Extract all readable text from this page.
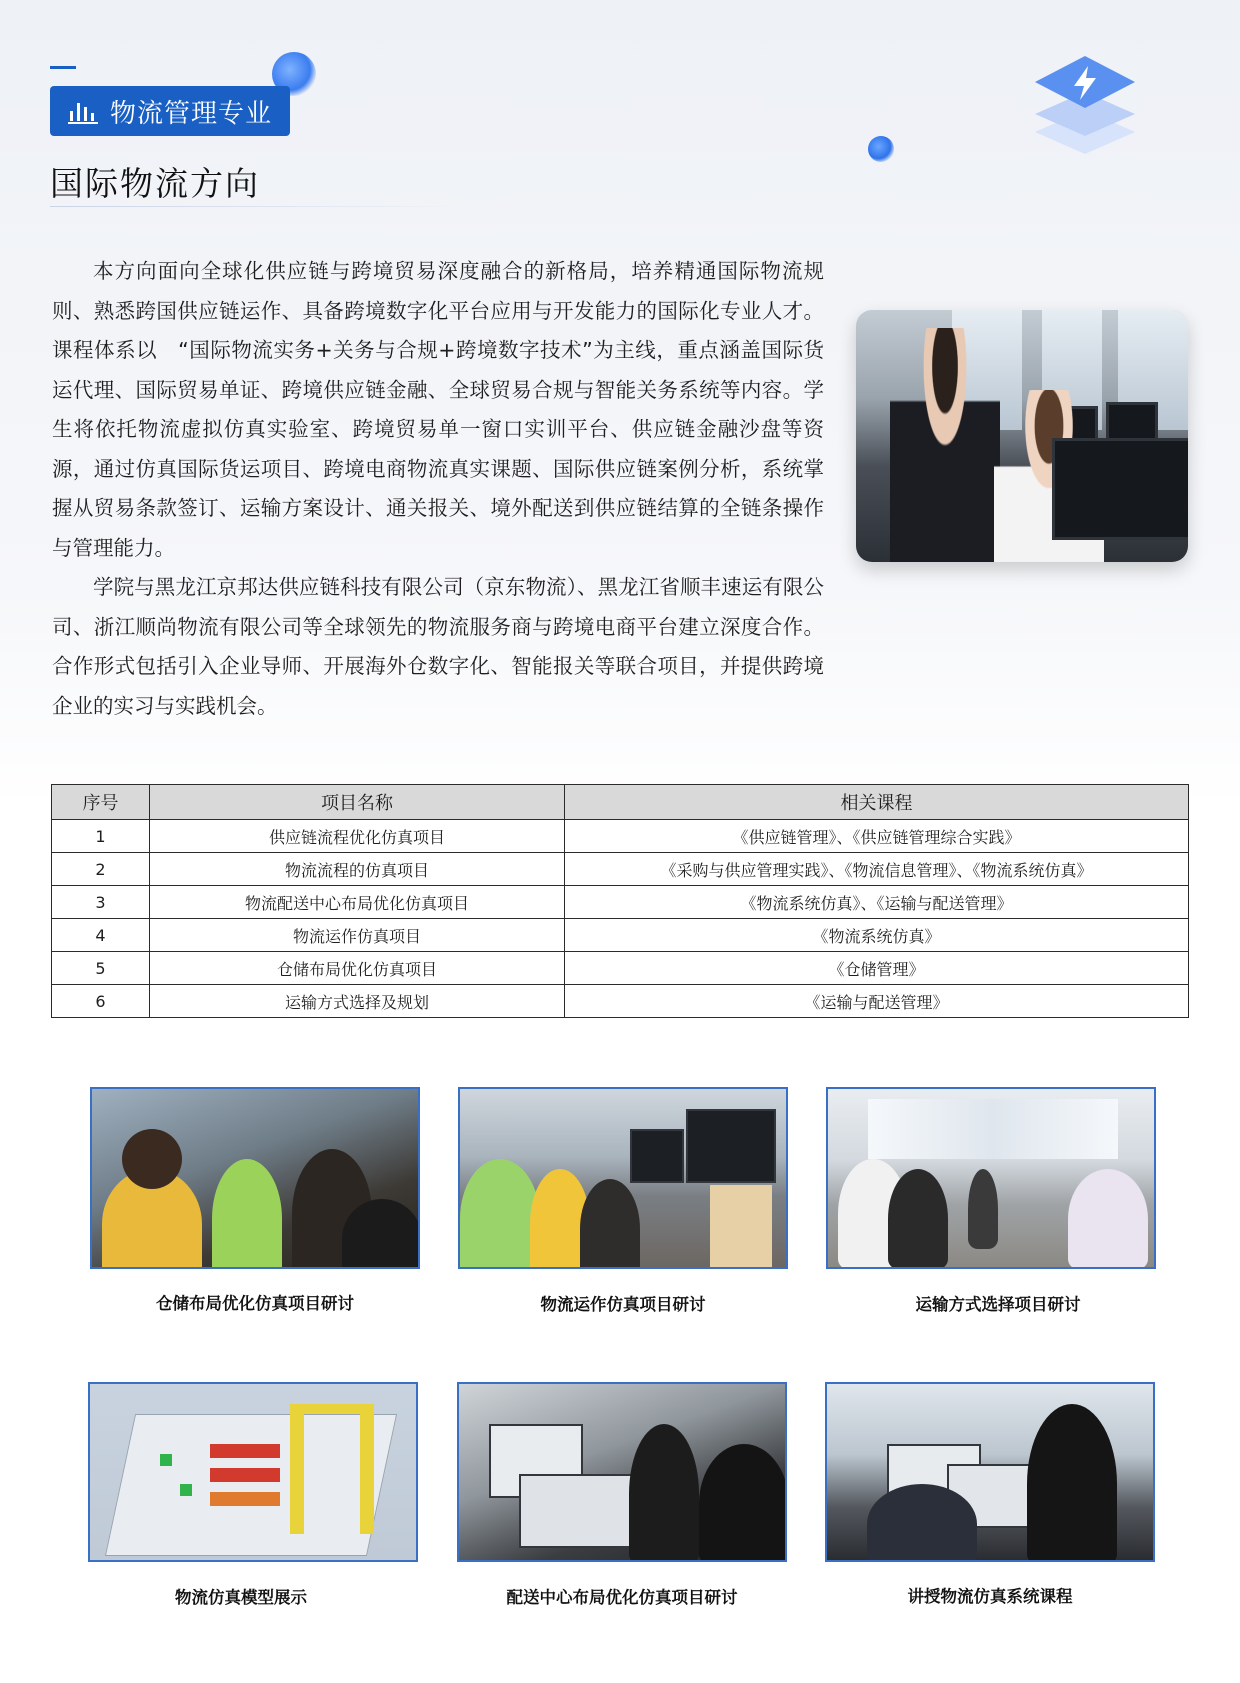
物流管理专业
国际物流方向

本方向面向全球化供应链与跨境贸易深度融合的新格局，培养精通国际物流规则、熟悉跨国供应链运作、具备跨境数字化平台应用与开发能力的国际化专业人才。课程体系以　“国际物流实务+关务与合规+跨境数字技术”为主线，重点涵盖国际货运代理、国际贸易单证、跨境供应链金融、全球贸易合规与智能关务系统等内容。学生将依托物流虚拟仿真实验室、跨境贸易单一窗口实训平台、供应链金融沙盘等资源，通过仿真国际货运项目、跨境电商物流真实课题、国际供应链案例分析，系统掌握从贸易条款签订、运输方案设计、通关报关、境外配送到供应链结算的全链条操作与管理能力。

学院与黑龙江京邦达供应链科技有限公司（京东物流）、黑龙江省顺丰速运有限公司、浙江顺尚物流有限公司等全球领先的物流服务商与跨境电商平台建立深度合作。合作形式包括引入企业导师、开展海外仓数字化、智能报关等联合项目，并提供跨境企业的实习与实践机会。

序号	项目名称	相关课程
1	供应链流程优化仿真项目	《供应链管理》、《供应链管理综合实践》
2	物流流程的仿真项目	《采购与供应管理实践》、《物流信息管理》、《物流系统仿真》
3	物流配送中心布局优化仿真项目	《物流系统仿真》、《运输与配送管理》
4	物流运作仿真项目	《物流系统仿真》
5	仓储布局优化仿真项目	《仓储管理》
6	运输方式选择及规划	《运输与配送管理》
仓储布局优化仿真项目研讨	物流运作仿真项目研讨	运输方式选择项目研讨
物流仿真模型展示	配送中心布局优化仿真项目研讨	讲授物流仿真系统课程
